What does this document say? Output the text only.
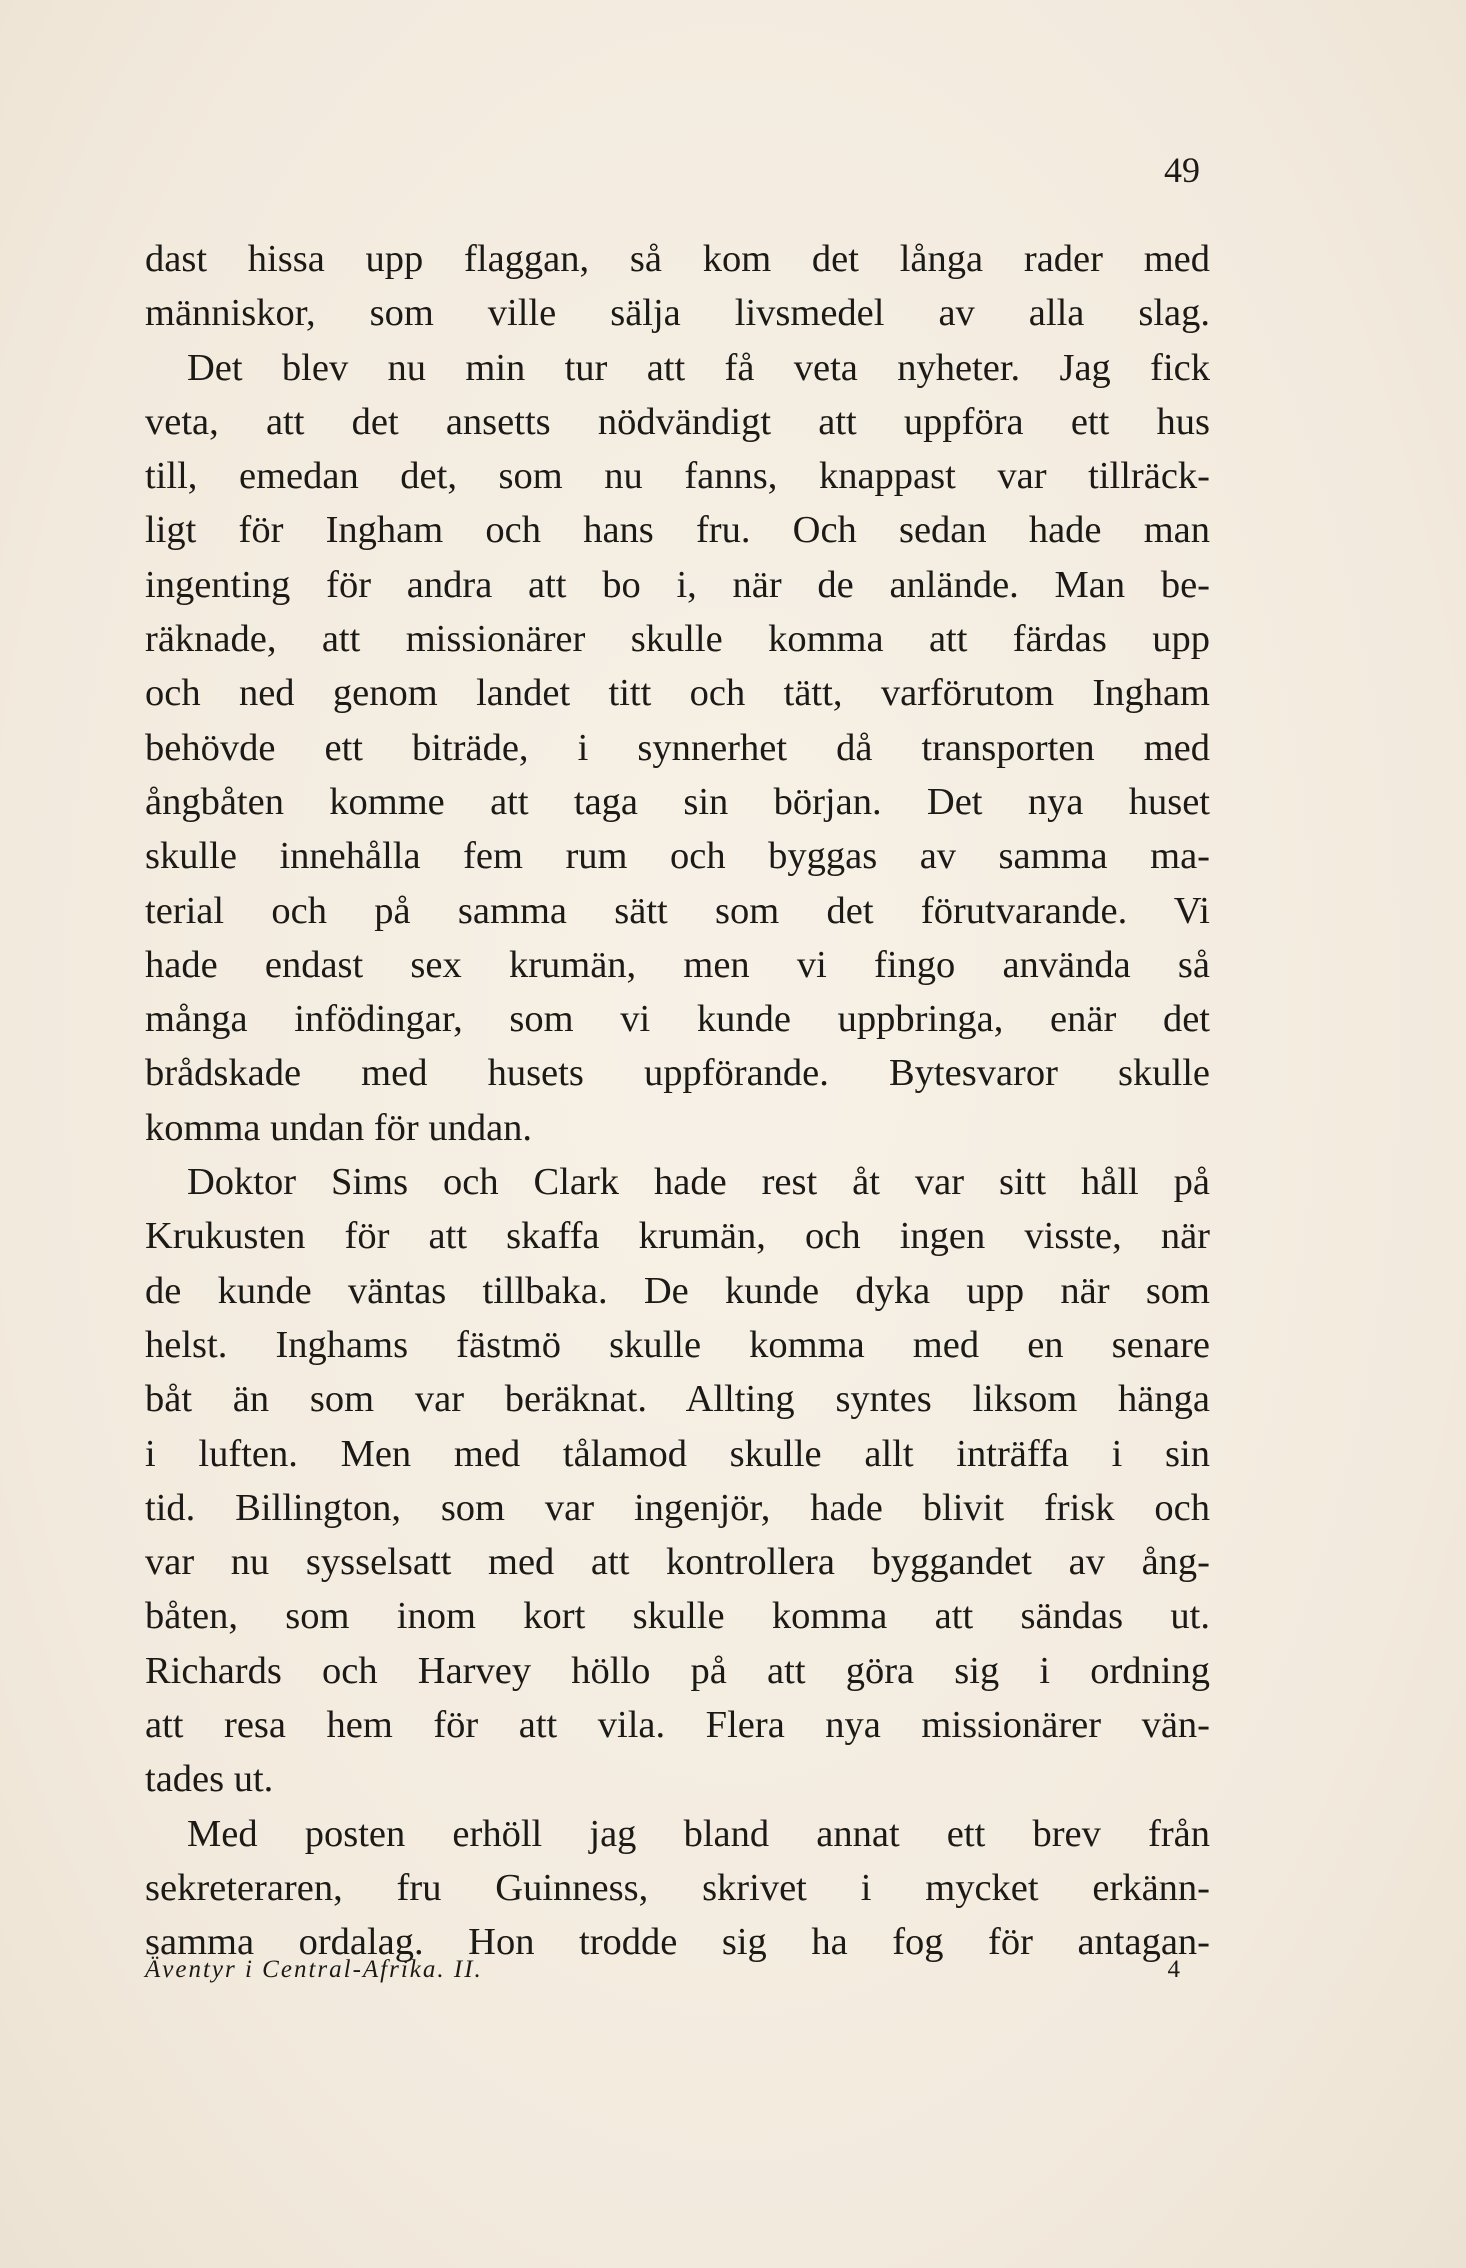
49
dast hissa upp flaggan, så kom det långa rader med
människor, som ville sälja livsmedel av alla slag.
Det blev nu min tur att få veta nyheter. Jag fick
veta, att det ansetts nödvändigt att uppföra ett hus
till, emedan det, som nu fanns, knappast var tillräck-
ligt för Ingham och hans fru. Och sedan hade man
ingenting för andra att bo i, när de anlände. Man be-
räknade, att missionärer skulle komma att färdas upp
och ned genom landet titt och tätt, varförutom Ingham
behövde ett biträde, i synnerhet då transporten med
ångbåten komme att taga sin början. Det nya huset
skulle innehålla fem rum och byggas av samma ma-
terial och på samma sätt som det förutvarande. Vi
hade endast sex krumän, men vi fingo använda så
många infödingar, som vi kunde uppbringa, enär det
brådskade med husets uppförande. Bytesvaror skulle
komma undan för undan.
Doktor Sims och Clark hade rest åt var sitt håll på
Krukusten för att skaffa krumän, och ingen visste, när
de kunde väntas tillbaka. De kunde dyka upp när som
helst. Inghams fästmö skulle komma med en senare
båt än som var beräknat. Allting syntes liksom hänga
i luften. Men med tålamod skulle allt inträffa i sin
tid. Billington, som var ingenjör, hade blivit frisk och
var nu sysselsatt med att kontrollera byggandet av ång-
båten, som inom kort skulle komma att sändas ut.
Richards och Harvey höllo på att göra sig i ordning
att resa hem för att vila. Flera nya missionärer vän-
tades ut.
Med posten erhöll jag bland annat ett brev från
sekreteraren, fru Guinness, skrivet i mycket erkänn-
samma ordalag. Hon trodde sig ha fog för antagan-
Äventyr i Central-Afrika. II.	4
